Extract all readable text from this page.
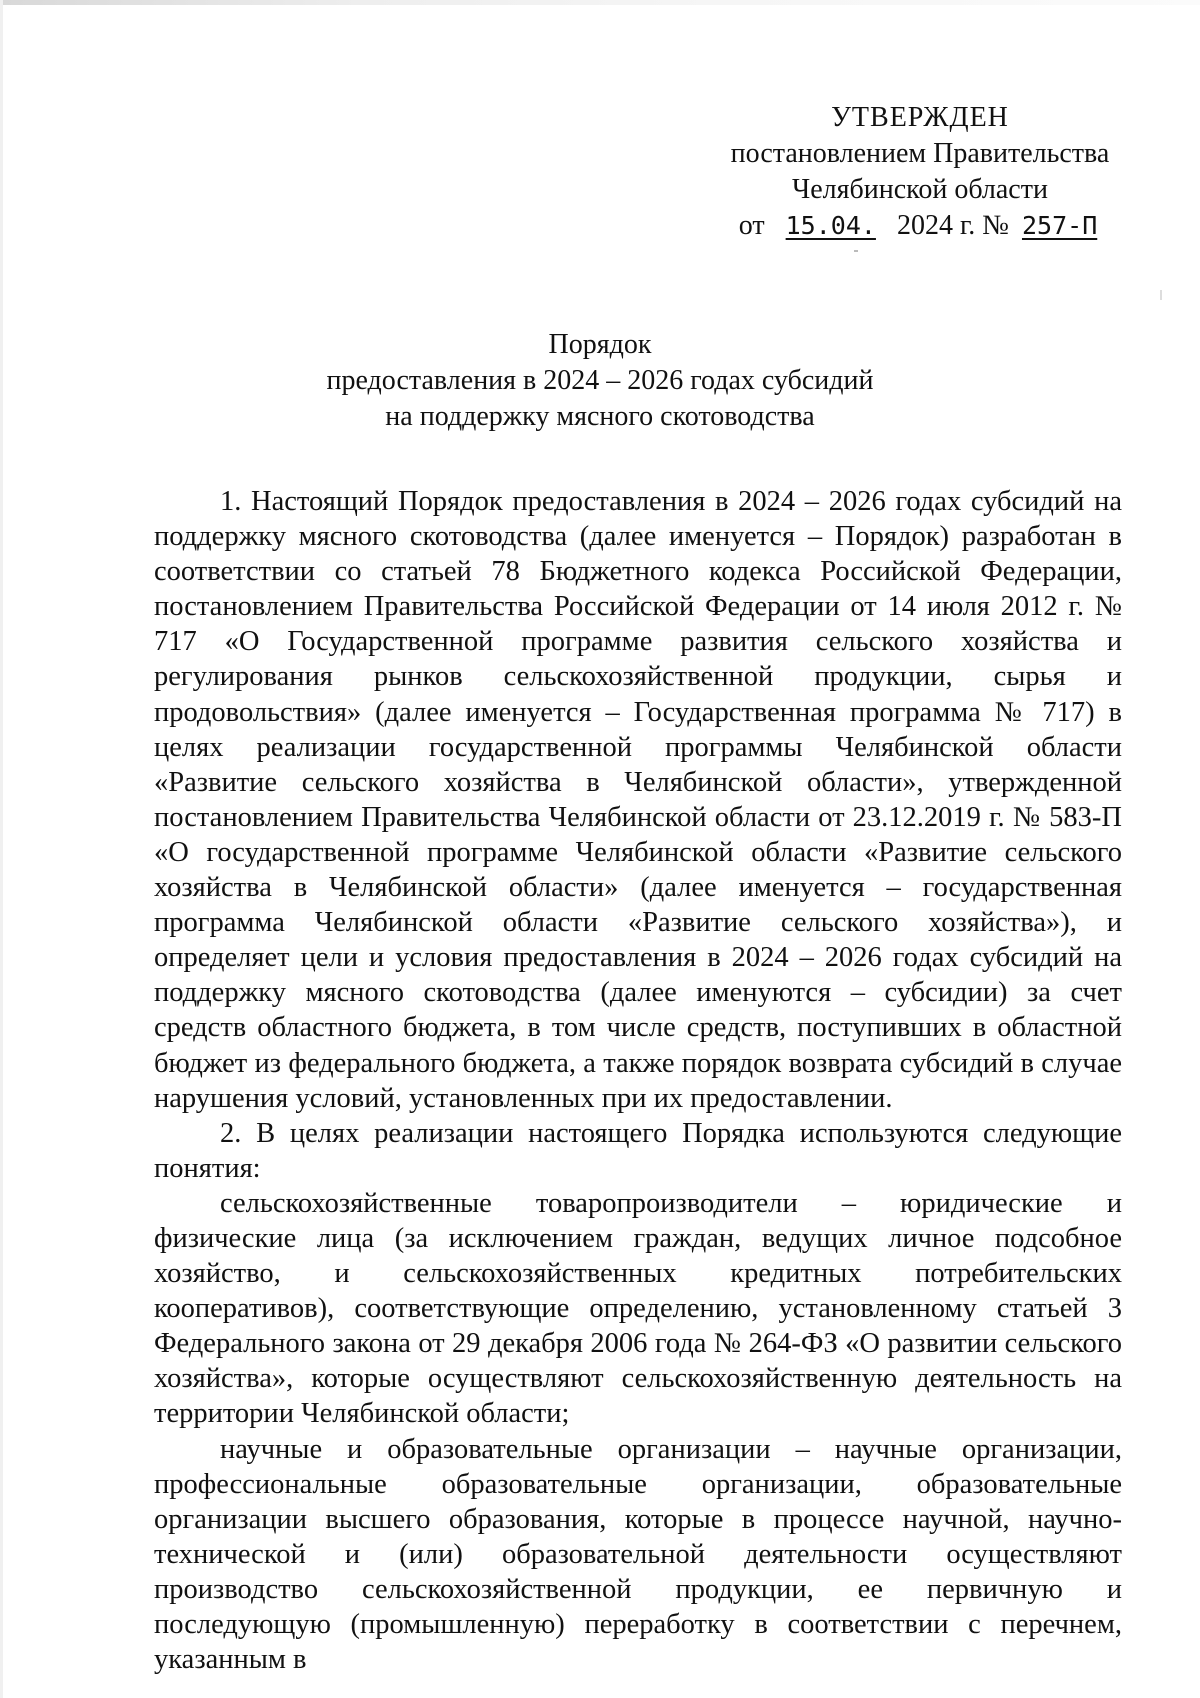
УТВЕРЖДЕН
постановлением Правительства
Челябинской области
от 15.04. 2024 г. № 257-П
Порядок
предоставления в 2024 – 2026 годах субсидий
на поддержку мясного скотоводства

1. Настоящий Порядок предоставления в 2024 – 2026 годах субсидий на поддержку мясного скотоводства (далее именуется – Порядок) разработан в соответствии со статьей 78 Бюджетного кодекса Российской Федерации, постановлением Правительства Российской Федерации от 14 июля 2012 г. № 717 «О Государственной программе развития сельского хозяйства и регулирования рынков сельскохозяйственной продукции, сырья и продовольствия» (далее именуется – Государственная программа № 717) в целях реализации государственной программы Челябинской области «Развитие сельского хозяйства в Челябинской области», утвержденной постановлением Правительства Челябинской области от 23.12.2019 г. № 583-П «О государственной программе Челябинской области «Развитие сельского хозяйства в Челябинской области» (далее именуется – государственная программа Челябинской области «Развитие сельского хозяйства»), и определяет цели и условия предоставления в 2024 – 2026 годах субсидий на поддержку мясного скотоводства (далее именуются – субсидии) за счет средств областного бюджета, в том числе средств, поступивших в областной бюджет из федерального бюджета, а также порядок возврата субсидий в случае нарушения условий, установленных при их предоставлении.

2. В целях реализации настоящего Порядка используются следующие понятия:

сельскохозяйственные товаропроизводители – юридические и физические лица (за исключением граждан, ведущих личное подсобное хозяйство, и сельскохозяйственных кредитных потребительских кооперативов), соответствующие определению, установленному статьей 3 Федерального закона от 29 декабря 2006 года № 264-ФЗ «О развитии сельского хозяйства», которые осуществляют сельскохозяйственную деятельность на территории Челябинской области;

научные и образовательные организации – научные организации, профессиональные образовательные организации, образовательные организации высшего образования, которые в процессе научной, научно-технической и (или) образовательной деятельности осуществляют производство сельскохозяйственной продукции, ее первичную и последующую (промышленную) переработку в соответствии с перечнем, указанным в
